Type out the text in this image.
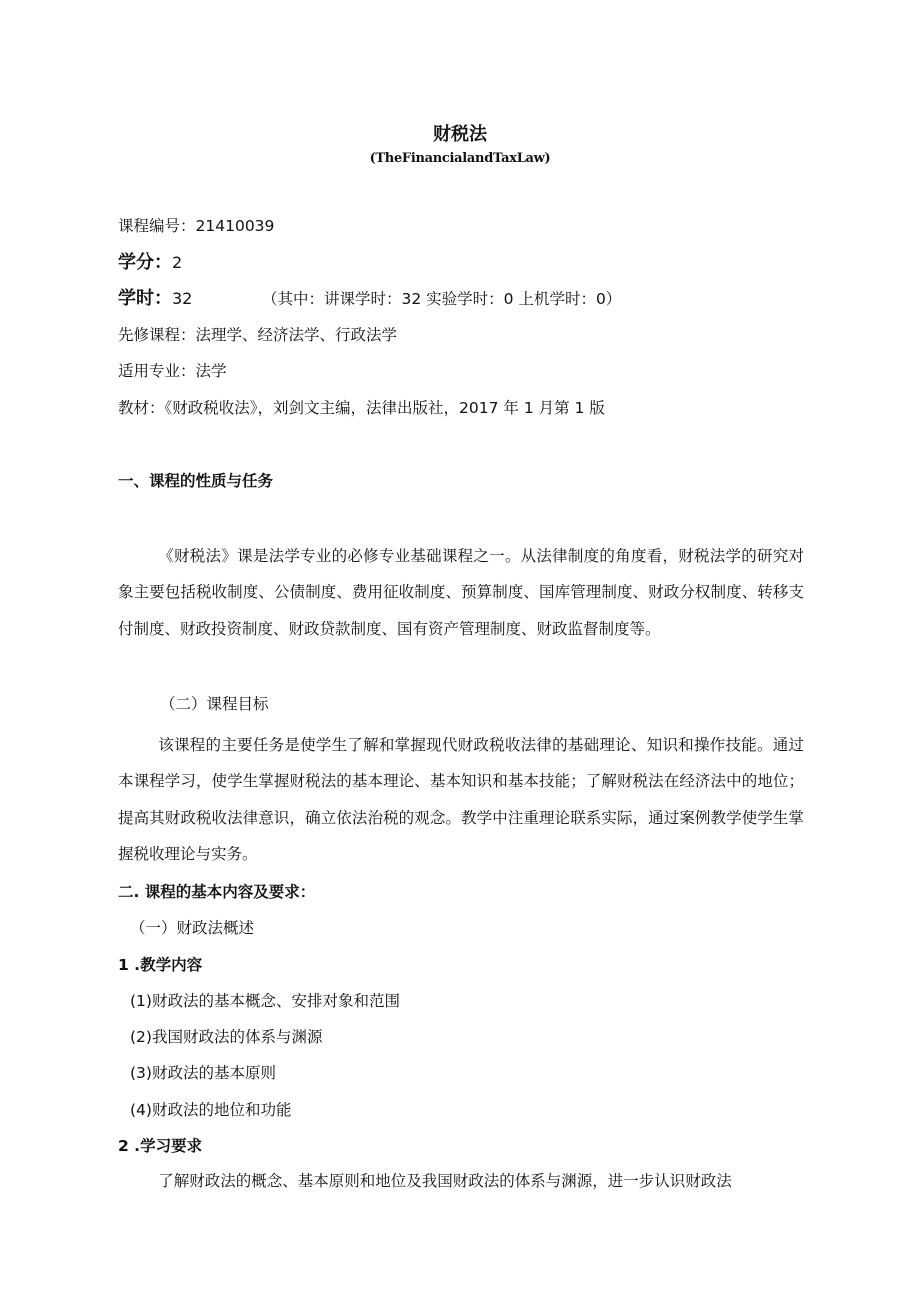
财税法
(TheFinancialandTaxLaw)
课程编号：21410039
学分：2
学时：32	（其中：讲课学时：32 实验学时：0 上机学时：0）
先修课程：法理学、经济法学、行政法学
适用专业：法学
教材：《财政税收法》，刘剑文主编，法律出版社，2017 年 1 月第 1 版
一、课程的性质与任务
《财税法》课是法学专业的必修专业基础课程之一。从法律制度的角度看，财税法学的研究对象主要包括税收制度、公债制度、费用征收制度、预算制度、国库管理制度、财政分权制度、转移支付制度、财政投资制度、财政贷款制度、国有资产管理制度、财政监督制度等。
（二）课程目标
该课程的主要任务是使学生了解和掌握现代财政税收法律的基础理论、知识和操作技能。通过本课程学习，使学生掌握财税法的基本理论、基本知识和基本技能；了解财税法在经济法中的地位；提高其财政税收法律意识，确立依法治税的观念。教学中注重理论联系实际，通过案例教学使学生掌握税收理论与实务。
二. 课程的基本内容及要求：
（一）财政法概述
1 .教学内容
(1)财政法的基本概念、安排对象和范围
(2)我国财政法的体系与渊源
(3)财政法的基本原则
(4)财政法的地位和功能
2 .学习要求
了解财政法的概念、基本原则和地位及我国财政法的体系与渊源，进一步认识财政法
